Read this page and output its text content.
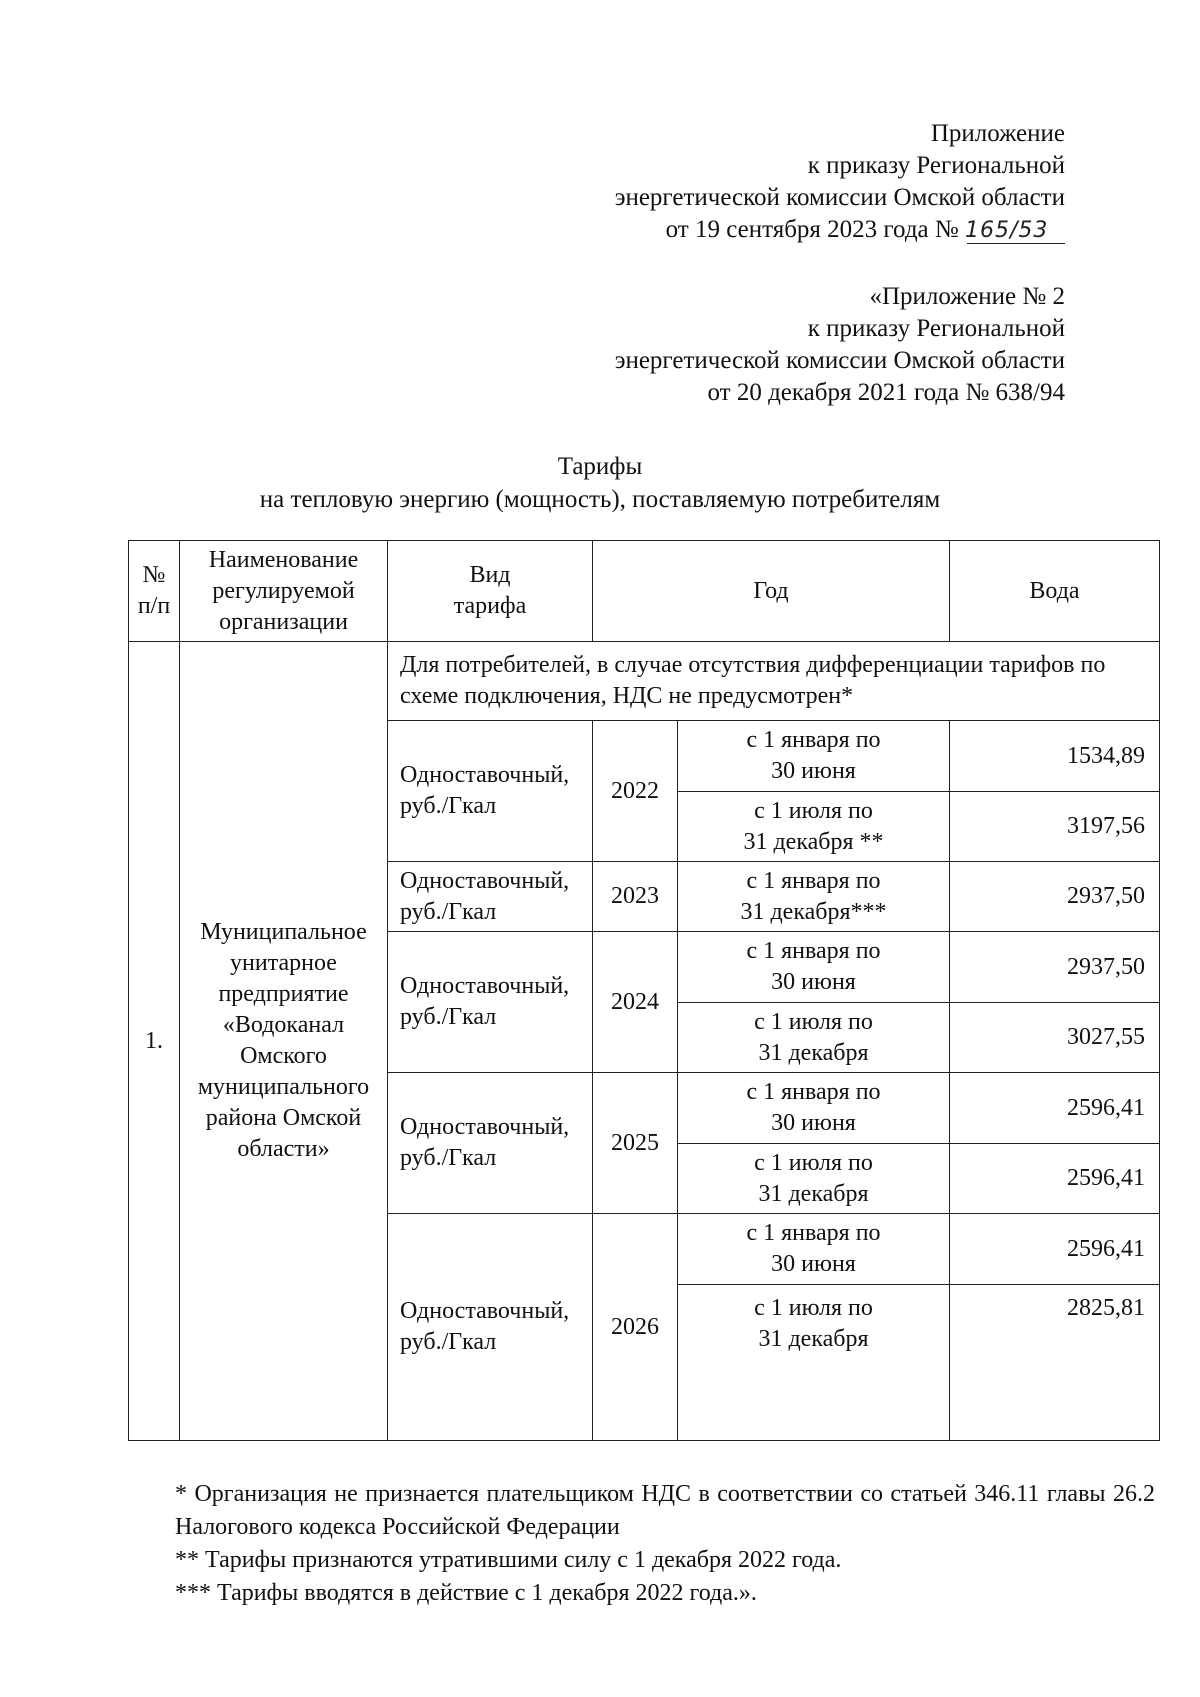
Приложение
к приказу Региональной
энергетической комиссии Омской области
от 19 сентября 2023 года № 165/53
«Приложение № 2
к приказу Региональной
энергетической комиссии Омской области
от 20 декабря 2021 года № 638/94
Тарифы
на тепловую энергию (мощность), поставляемую потребителям
№
п/п
Наименование
регулируемой
организации
Вид
тарифа
Год	Вода
1.
Муниципальное
унитарное
предприятие
«Водоканал
Омского
муниципального
района Омской
области»
Для потребителей, в случае отсутствия дифференциации тарифов по схеме подключения, НДС не предусмотрен*
Одноставочный,
руб./Гкал
2022
с 1 января по
30 июня
1534,89
с 1 июля по
31 декабря **
3197,56
Одноставочный,
руб./Гкал
2023
с 1 января по
31 декабря***
2937,50
Одноставочный,
руб./Гкал
2024
с 1 января по
30 июня
2937,50
с 1 июля по
31 декабря
3027,55
Одноставочный,
руб./Гкал
2025
с 1 января по
30 июня
2596,41
с 1 июля по
31 декабря
2596,41
Одноставочный,
руб./Гкал
2026
с 1 января по
30 июня
2596,41
с 1 июля по
31 декабря
2825,81

* Организация не признается плательщиком НДС в соответствии со статьей 346.11 главы 26.2 Налогового кодекса Российской Федерации

** Тарифы признаются утратившими силу с 1 декабря 2022 года.

*** Тарифы вводятся в действие с 1 декабря 2022 года.».
